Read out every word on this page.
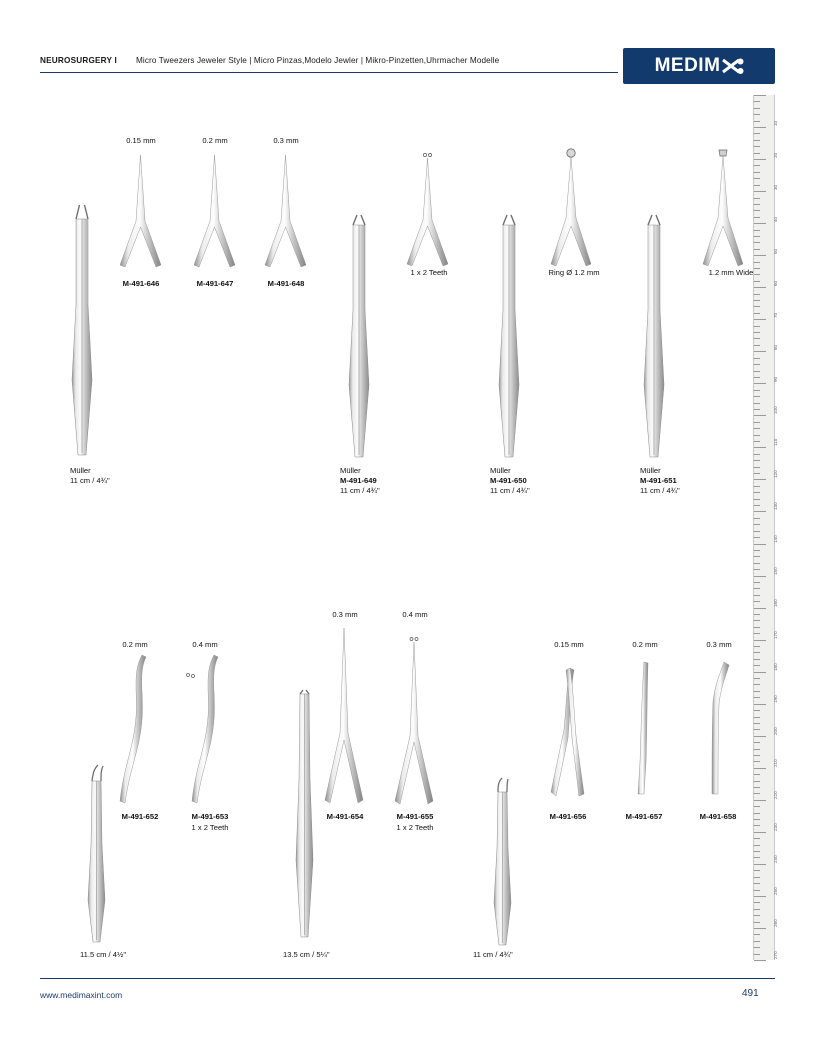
NEUROSURGERY I Micro Tweezers Jeweler Style | Micro Pinzas,Modelo Jewler | Mikro-Pinzetten,Uhrmacher Modelle	MEDIM
10
20
30
40
50
60
70
80
90
100
110
120
130
140
150
160
170
180
190
200
210
220
230
240
250
260
270
Müller
11 cm / 4¾"
0.15 mm
M-491-646
0.2 mm
M-491-647
0.3 mm
M-491-648
1 x 2 Teeth
Müller
M-491-649
11 cm / 4¾"
Ring Ø 1.2 mm
Müller
M-491-650
11 cm / 4¾"
1.2 mm Wide
Müller
M-491-651
11 cm / 4¾"
11.5 cm / 4½"
0.2 mm
M-491-652
0.4 mm
M-491-653
1 x 2 Teeth
13.5 cm / 5¼"
0.3 mm
M-491-654
0.4 mm
M-491-655
1 x 2 Teeth
11 cm / 4¾"
0.15 mm
M-491-656
0.2 mm
M-491-657
0.3 mm
M-491-658
www.medimaxint.com	491
